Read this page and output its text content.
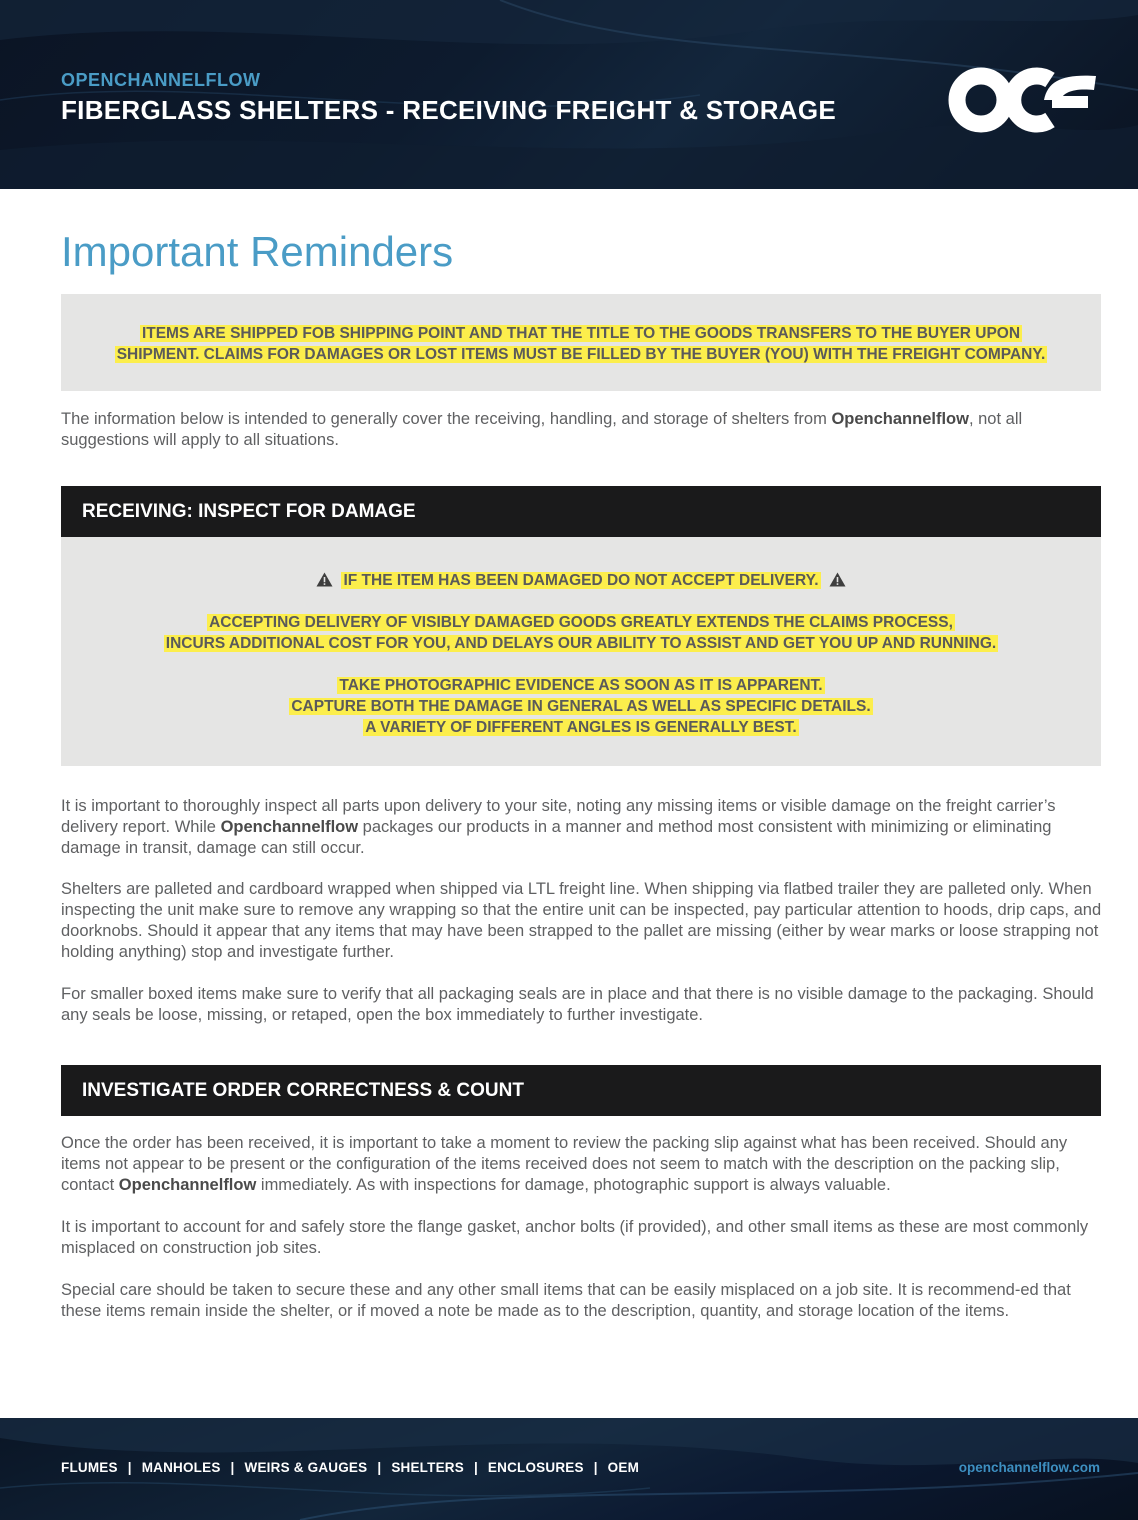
OPENCHANNELFLOW
FIBERGLASS SHELTERS - RECEIVING FREIGHT & STORAGE
Important Reminders
ITEMS ARE SHIPPED FOB SHIPPING POINT AND THAT THE TITLE TO THE GOODS TRANSFERS TO THE BUYER UPON
SHIPMENT. CLAIMS FOR DAMAGES OR LOST ITEMS MUST BE FILLED BY THE BUYER (YOU) WITH THE FREIGHT COMPANY.
The information below is intended to generally cover the receiving, handling, and storage of shelters from Openchannelflow, not all suggestions will apply to all situations.
RECEIVING: INSPECT FOR DAMAGE
IF THE ITEM HAS BEEN DAMAGED DO NOT ACCEPT DELIVERY.
ACCEPTING DELIVERY OF VISIBLY DAMAGED GOODS GREATLY EXTENDS THE CLAIMS PROCESS,
INCURS ADDITIONAL COST FOR YOU, AND DELAYS OUR ABILITY TO ASSIST AND GET YOU UP AND RUNNING.
TAKE PHOTOGRAPHIC EVIDENCE AS SOON AS IT IS APPARENT.
CAPTURE BOTH THE DAMAGE IN GENERAL AS WELL AS SPECIFIC DETAILS.
A VARIETY OF DIFFERENT ANGLES IS GENERALLY BEST.
It is important to thoroughly inspect all parts upon delivery to your site, noting any missing items or visible damage on the freight carrier’s delivery report. While Openchannelflow packages our products in a manner and method most consistent with minimizing or eliminating damage in transit, damage can still occur.
Shelters are palleted and cardboard wrapped when shipped via LTL freight line. When shipping via flatbed trailer they are palleted only. When inspecting the unit make sure to remove any wrapping so that the entire unit can be inspected, pay particular attention to hoods, drip caps, and doorknobs. Should it appear that any items that may have been strapped to the pallet are missing (either by wear marks or loose strapping not holding anything) stop and investigate further.
For smaller boxed items make sure to verify that all packaging seals are in place and that there is no visible damage to the packaging. Should any seals be loose, missing, or retaped, open the box immediately to further investigate.
INVESTIGATE ORDER CORRECTNESS & COUNT
Once the order has been received, it is important to take a moment to review the packing slip against what has been received. Should any items not appear to be present or the configuration of the items received does not seem to match with the description on the packing slip, contact Openchannelflow immediately. As with inspections for damage, photographic support is always valuable.
It is important to account for and safely store the flange gasket, anchor bolts (if provided), and other small items as these are most commonly misplaced on construction job sites.
Special care should be taken to secure these and any other small items that can be easily misplaced on a job site. It is recommend-ed that these items remain inside the shelter, or if moved a note be made as to the description, quantity, and storage location of the items.
FLUMES | MANHOLES | WEIRS & GAUGES | SHELTERS | ENCLOSURES | OEM	openchannelflow.com
